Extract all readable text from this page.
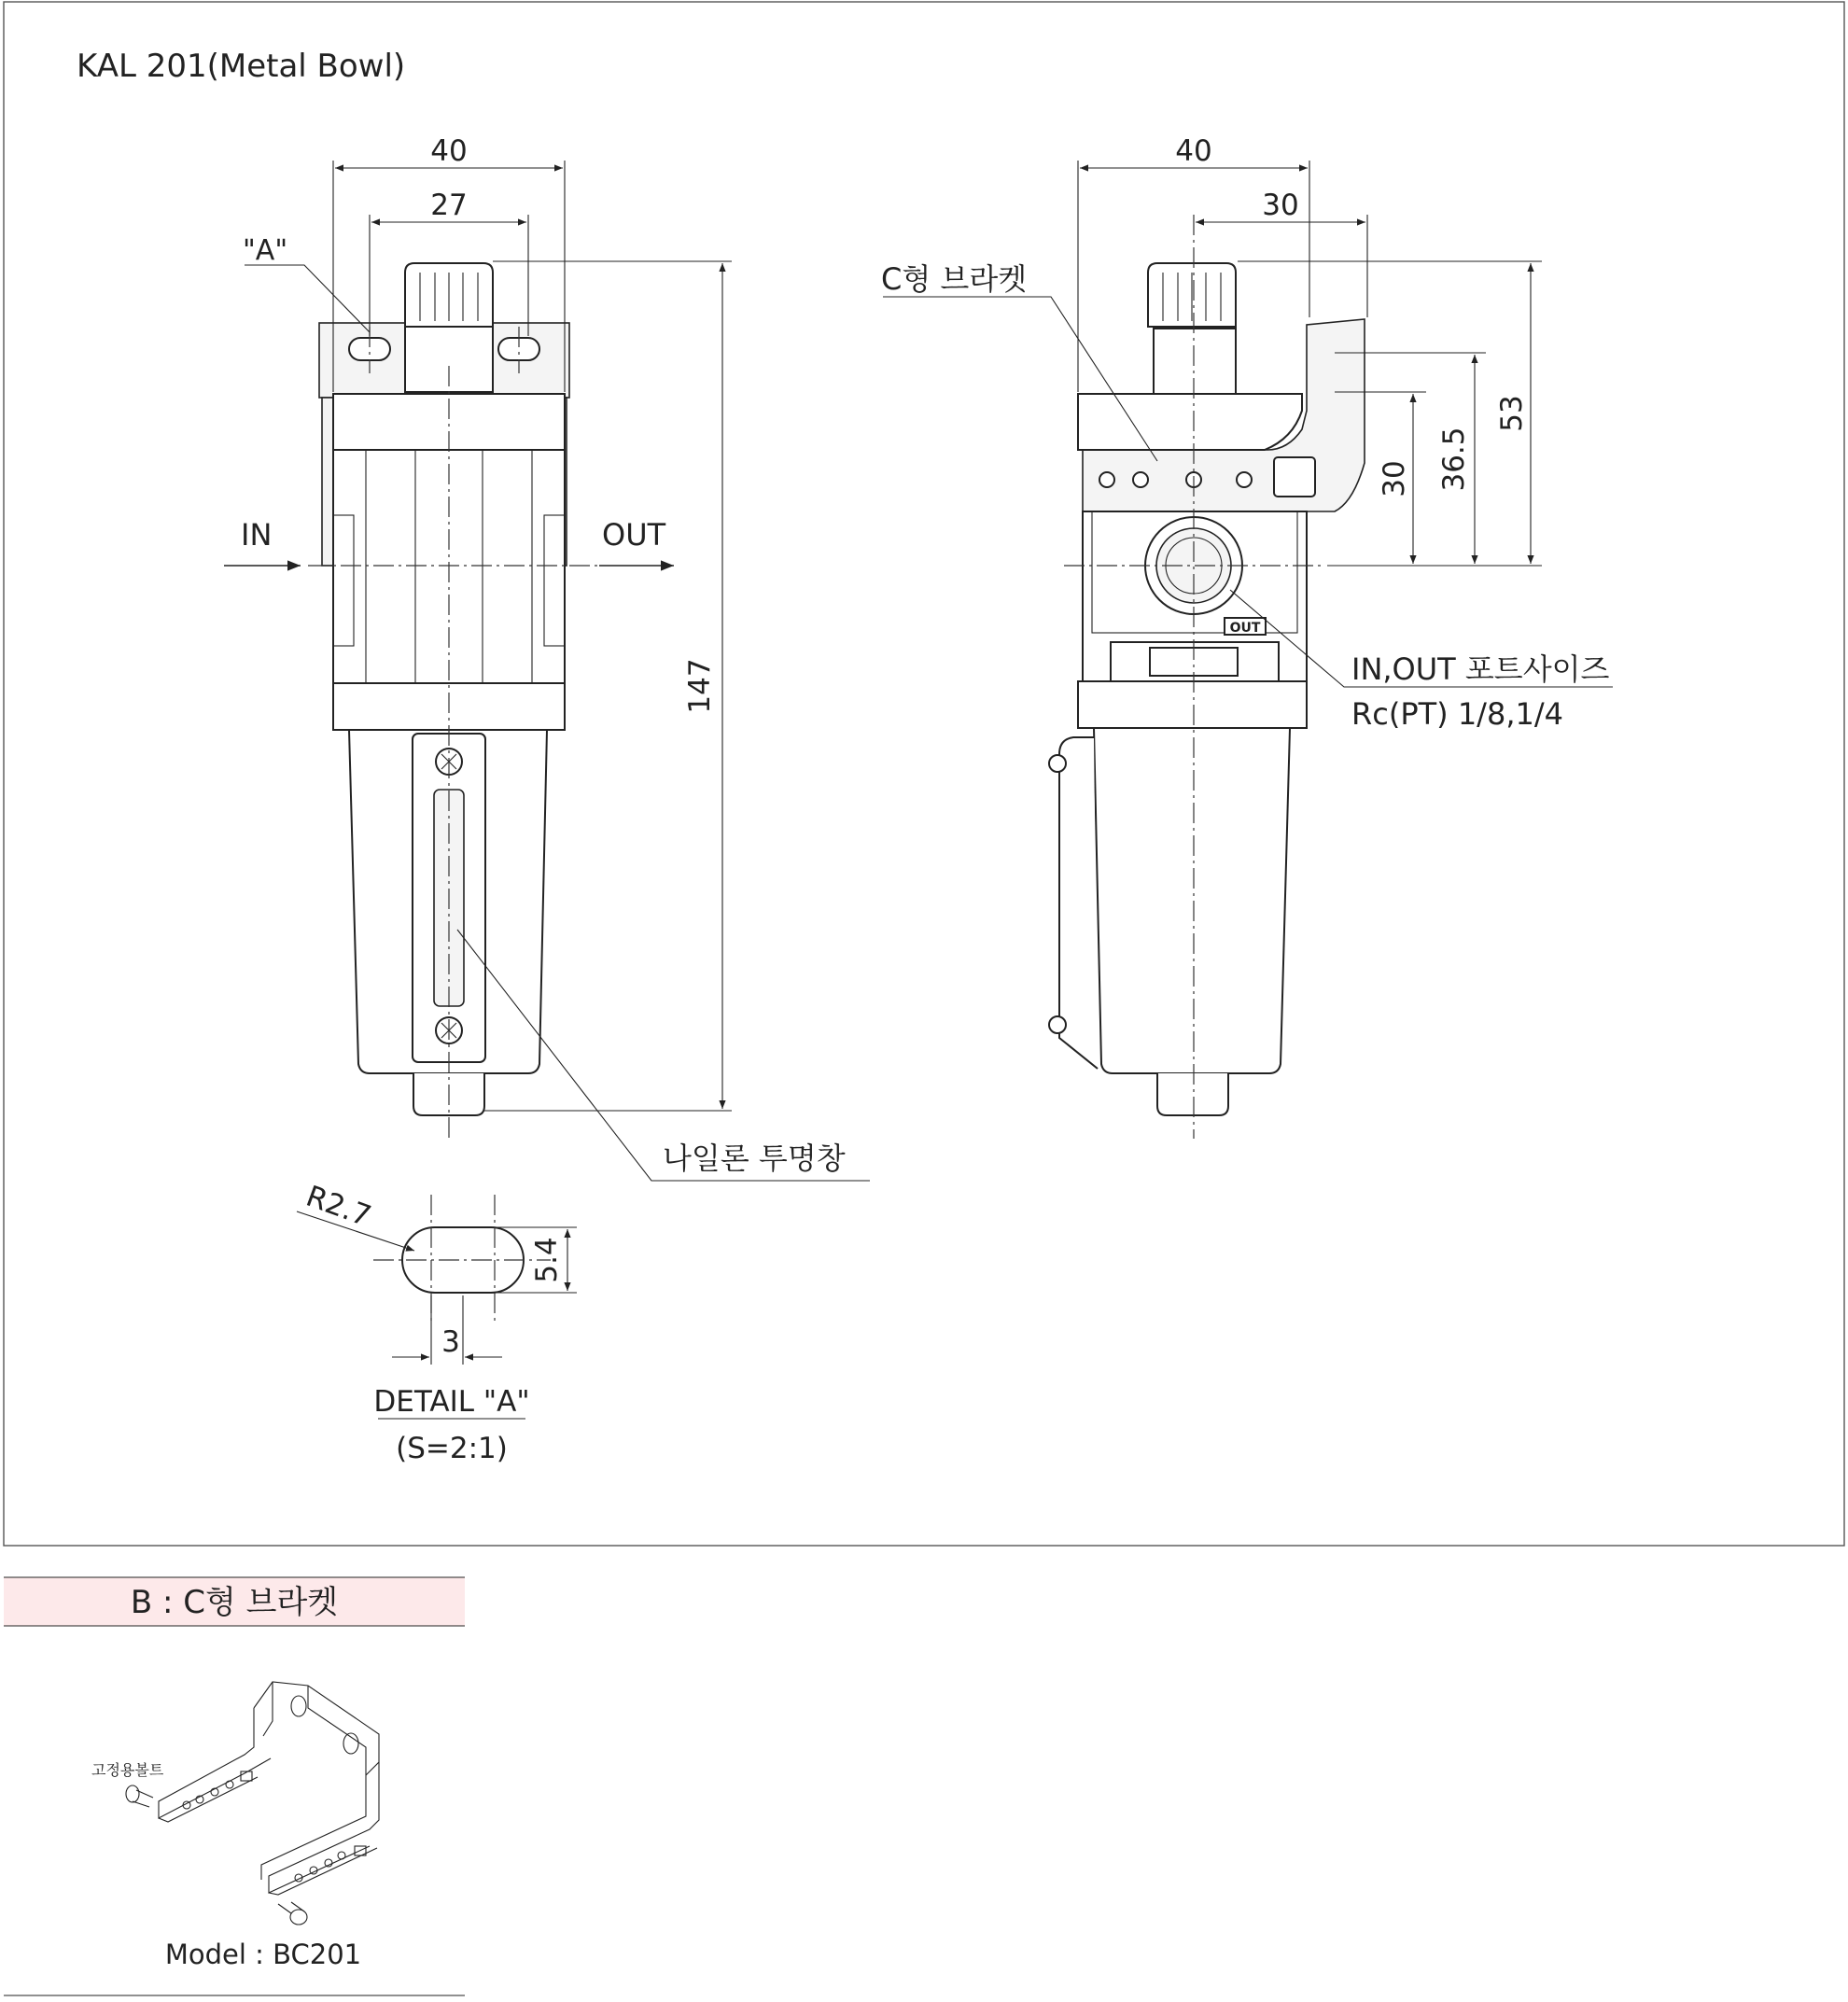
KAL 201(Metal Bowl)
IN	OUT
40
27
"A"
147
나일론 투명창
OUT
40
30
53
36.5
30
C형 브라켓
IN,OUT 포트사이즈
Rc(PT) 1/8,1/4
R2.7
5.4
3
DETAIL "A"
(S=2:1)
B : C형 브라켓
고정용볼트
Model : BC201
